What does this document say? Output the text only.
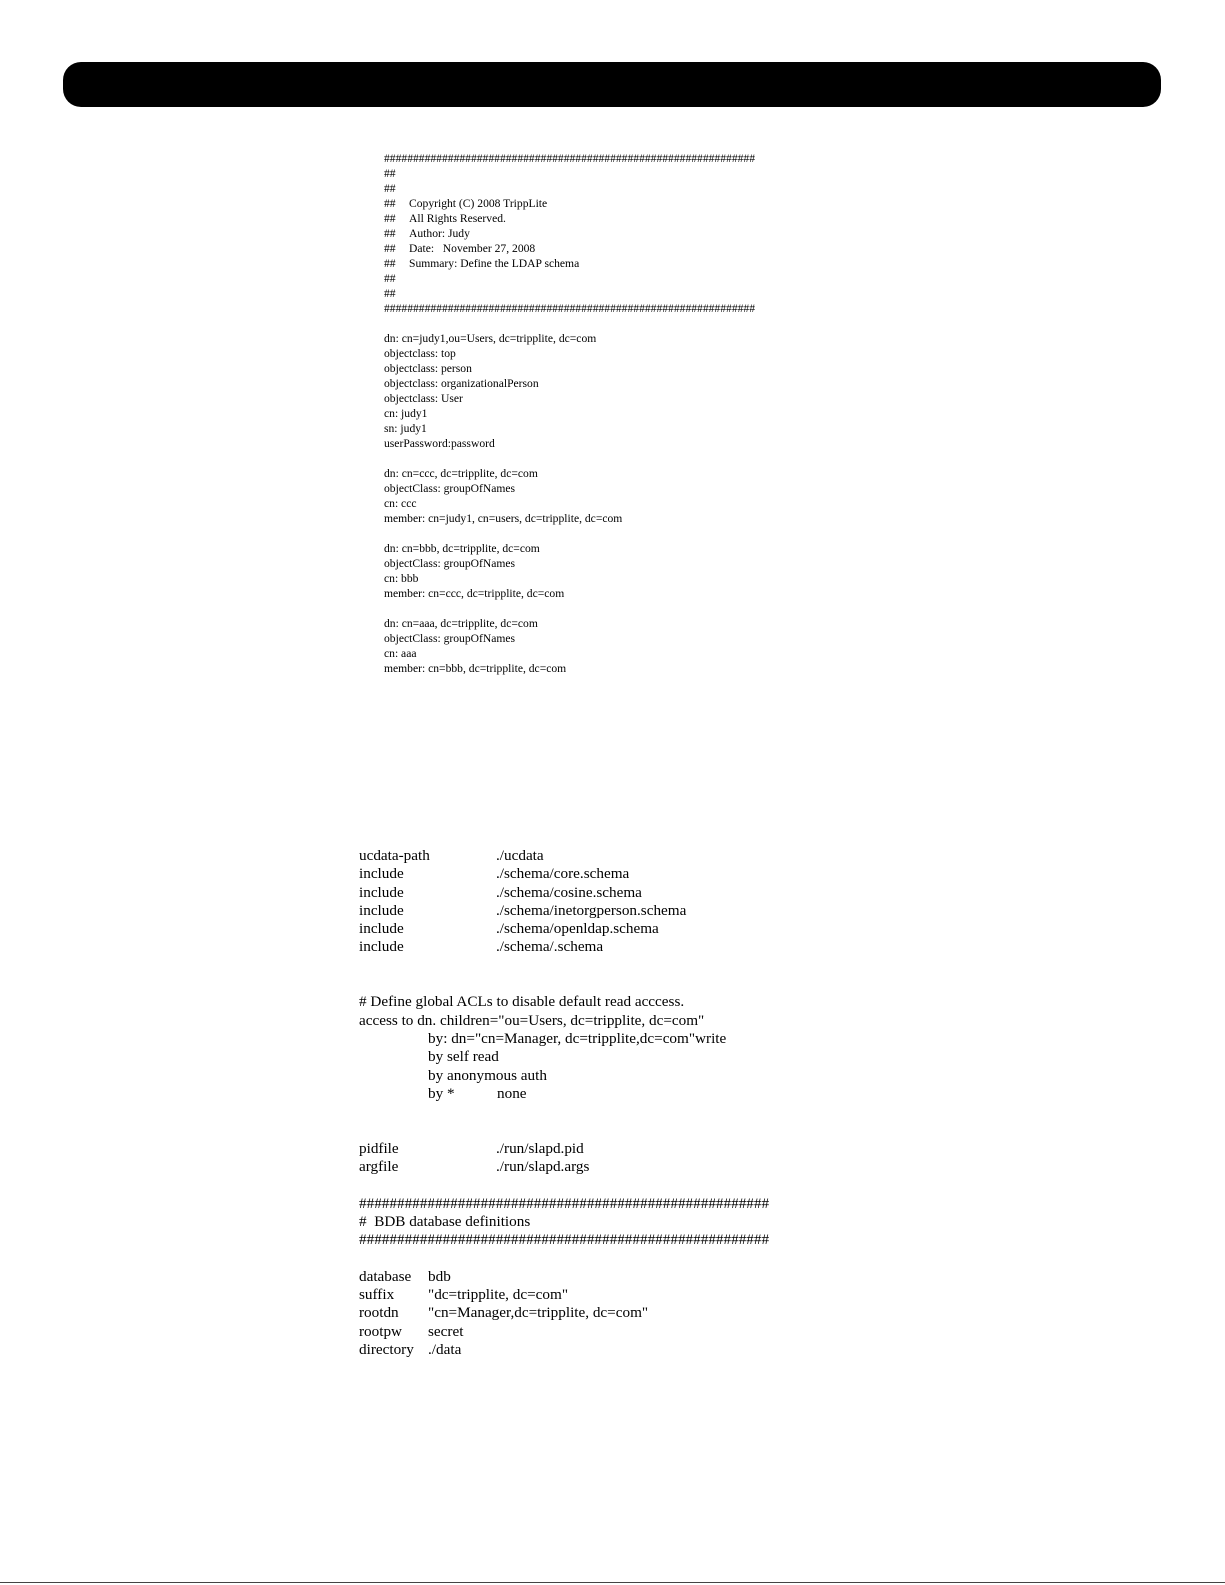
################################################################
##
##
##	Copyright (C) 2008 TrippLite
##	All Rights Reserved.
##	Author: Judy
##	Date:   November 27, 2008
##	Summary: Define the LDAP schema
##
##
################################################################
dn: cn=judy1,ou=Users, dc=tripplite, dc=com
objectclass: top
objectclass: person
objectclass: organizationalPerson
objectclass: User
cn: judy1
sn: judy1
userPassword:password
dn: cn=ccc, dc=tripplite, dc=com
objectClass: groupOfNames
cn: ccc
member: cn=judy1, cn=users, dc=tripplite, dc=com
dn: cn=bbb, dc=tripplite, dc=com
objectClass: groupOfNames
cn: bbb
member: cn=ccc, dc=tripplite, dc=com
dn: cn=aaa, dc=tripplite, dc=com
objectClass: groupOfNames
cn: aaa
member: cn=bbb, dc=tripplite, dc=com
ucdata-path	./ucdata
include	./schema/core.schema
include	./schema/cosine.schema
include	./schema/inetorgperson.schema
include	./schema/openldap.schema
include	./schema/.schema
# Define global ACLs to disable default read acccess.
access to dn. children="ou=Users, dc=tripplite, dc=com"
by: dn="cn=Manager, dc=tripplite,dc=com"write
by self read
by anonymous auth
by *	none
pidfile	./run/slapd.pid
argfile	./run/slapd.args
######################################################
#  BDB database definitions
######################################################
database	bdb
suffix	"dc=tripplite, dc=com"
rootdn	"cn=Manager,dc=tripplite, dc=com"
rootpw	secret
directory ./data
